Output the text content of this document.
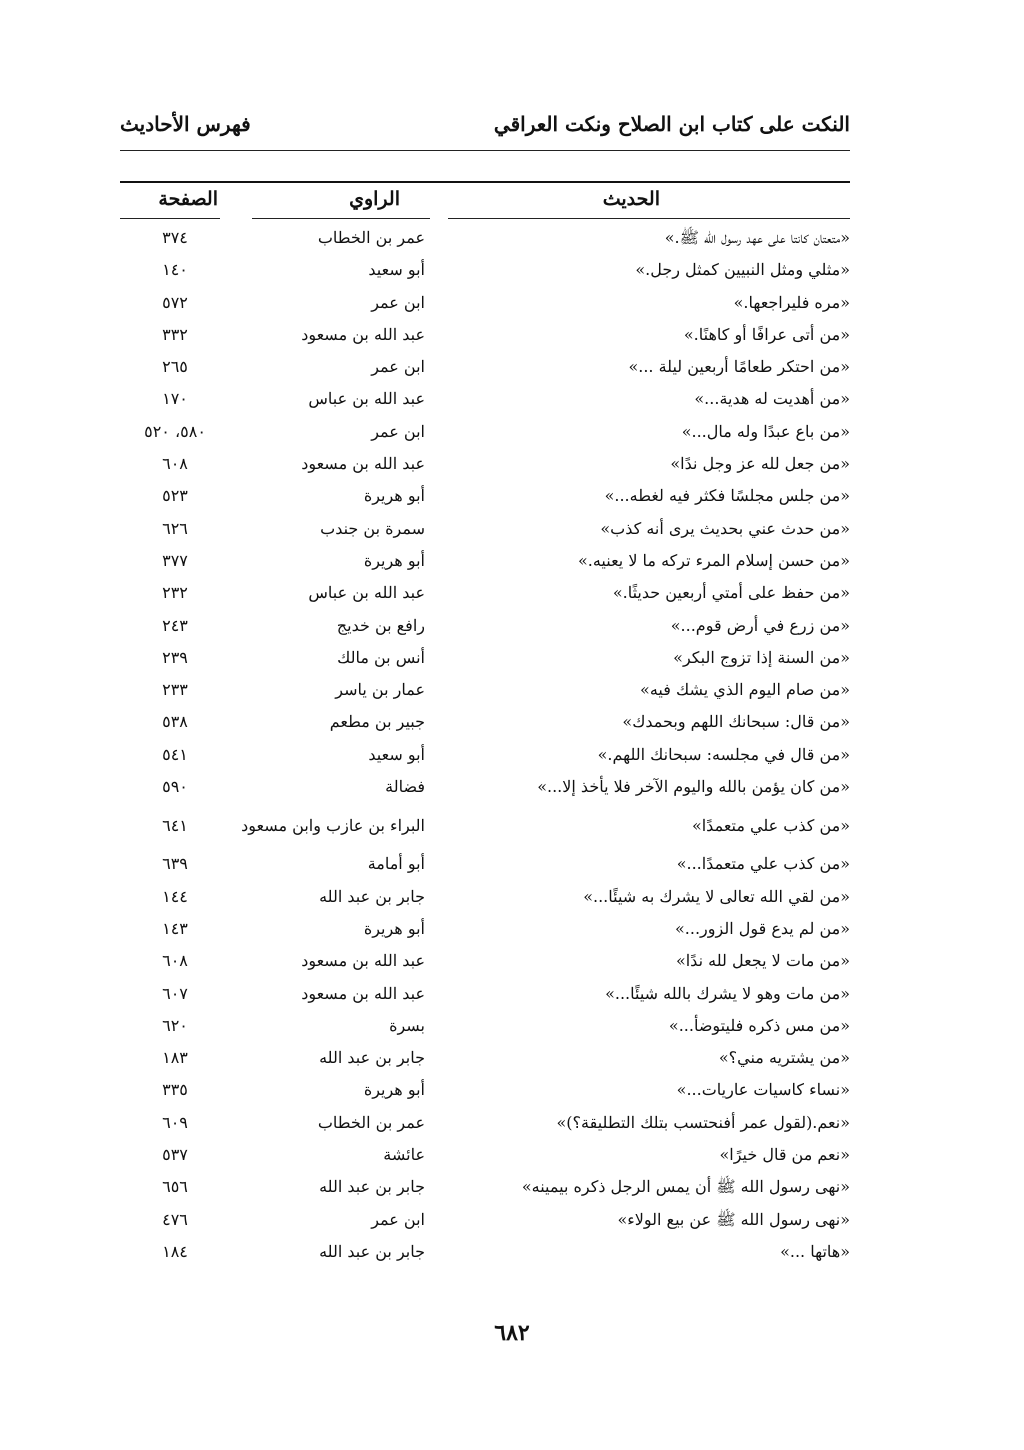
النكت على كتاب ابن الصلاح ونكت العراقي
فهرس الأحاديث
الحديث
الراوي
الصفحة
«متعتان كانتا على عهد رسول الله ﷺ.»
عمر بن الخطاب
٣٧٤
«مثلي ومثل النبيين كمثل رجل.»
أبو سعيد
١٤٠
«مره فليراجعها.»
ابن عمر
٥٧٢
«من أتى عرافًا أو كاهنًا.»
عبد الله بن مسعود
٣٣٢
«من احتكر طعامًا أربعين ليلة ...»
ابن عمر
٢٦٥
«من أهديت له هدية...»
عبد الله بن عباس
١٧٠
«من باع عبدًا وله مال...»
ابن عمر
٥٨٠، ٥٢٠
«من جعل لله عز وجل ندًا»
عبد الله بن مسعود
٦٠٨
«من جلس مجلسًا فكثر فيه لغطه...»
أبو هريرة
٥٢٣
«من حدث عني بحديث يرى أنه كذب»
سمرة بن جندب
٦٢٦
«من حسن إسلام المرء تركه ما لا يعنيه.»
أبو هريرة
٣٧٧
«من حفظ على أمتي أربعين حديثًا.»
عبد الله بن عباس
٢٣٢
«من زرع في أرض قوم...»
رافع بن خديج
٢٤٣
«من السنة إذا تزوج البكر»
أنس بن مالك
٢٣٩
«من صام اليوم الذي يشك فيه»
عمار بن ياسر
٢٣٣
«من قال: سبحانك اللهم وبحمدك»
جبير بن مطعم
٥٣٨
«من قال في مجلسه: سبحانك اللهم.»
أبو سعيد
٥٤١
«من كان يؤمن بالله واليوم الآخر فلا يأخذ إلا...»
فضالة
٥٩٠
«من كذب علي متعمدًا»
البراء بن عازب وابن مسعود
٦٤١
«من كذب علي متعمدًا...»
أبو أمامة
٦٣٩
«من لقي الله تعالى لا يشرك به شيئًا...»
جابر بن عبد الله
١٤٤
«من لم يدع قول الزور...»
أبو هريرة
١٤٣
«من مات لا يجعل لله ندًا»
عبد الله بن مسعود
٦٠٨
«من مات وهو لا يشرك بالله شيئًا...»
عبد الله بن مسعود
٦٠٧
«من مس ذكره فليتوضأ...»
بسرة
٦٢٠
«من يشتريه مني؟»
جابر بن عبد الله
١٨٣
«نساء كاسيات عاريات...»
أبو هريرة
٣٣٥
«نعم.(لقول عمر أفنحتسب بتلك التطليقة؟)»
عمر بن الخطاب
٦٠٩
«نعم من قال خيرًا»
عائشة
٥٣٧
«نهى رسول الله ﷺ أن يمس الرجل ذكره بيمينه»
جابر بن عبد الله
٦٥٦
«نهى رسول الله ﷺ عن بيع الولاء»
ابن عمر
٤٧٦
«هاتها ...»
جابر بن عبد الله
١٨٤
٦٨٢
